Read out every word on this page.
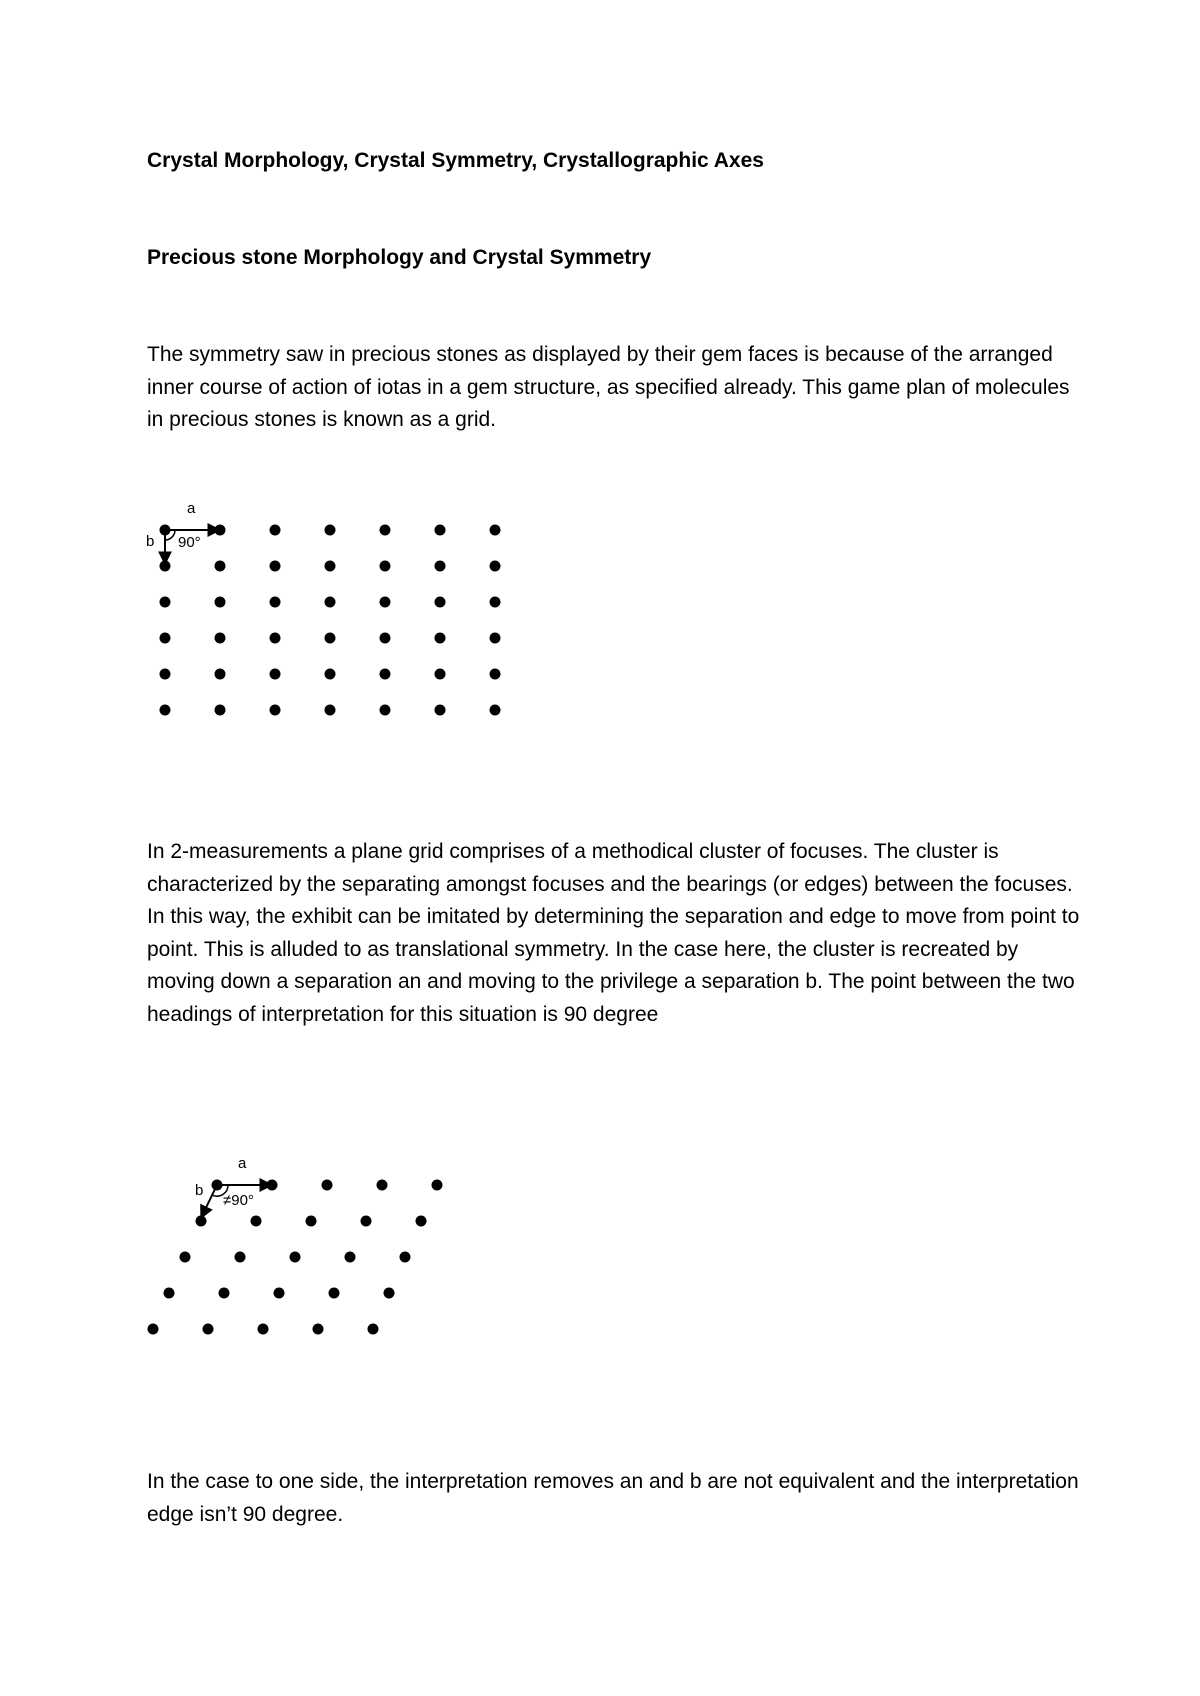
Crystal Morphology, Crystal Symmetry, Crystallographic Axes

Precious stone Morphology and Crystal Symmetry

The symmetry saw in precious stones as displayed by their gem faces is because of the arranged inner course of action of iotas in a gem structure, as specified already. This game plan of molecules in precious stones is known as a grid.

a
b 90°

In 2-measurements a plane grid comprises of a methodical cluster of focuses. The cluster is characterized by the separating amongst focuses and the bearings (or edges) between the focuses. In this way, the exhibit can be imitated by determining the separation and edge to move from point to point. This is alluded to as translational symmetry. In the case here, the cluster is recreated by moving down a separation an and moving to the privilege a separation b. The point between the two headings of interpretation for this situation is 90 degree

a
b
≠90°

In the case to one side, the interpretation removes an and b are not equivalent and the interpretation edge isn’t 90 degree.
